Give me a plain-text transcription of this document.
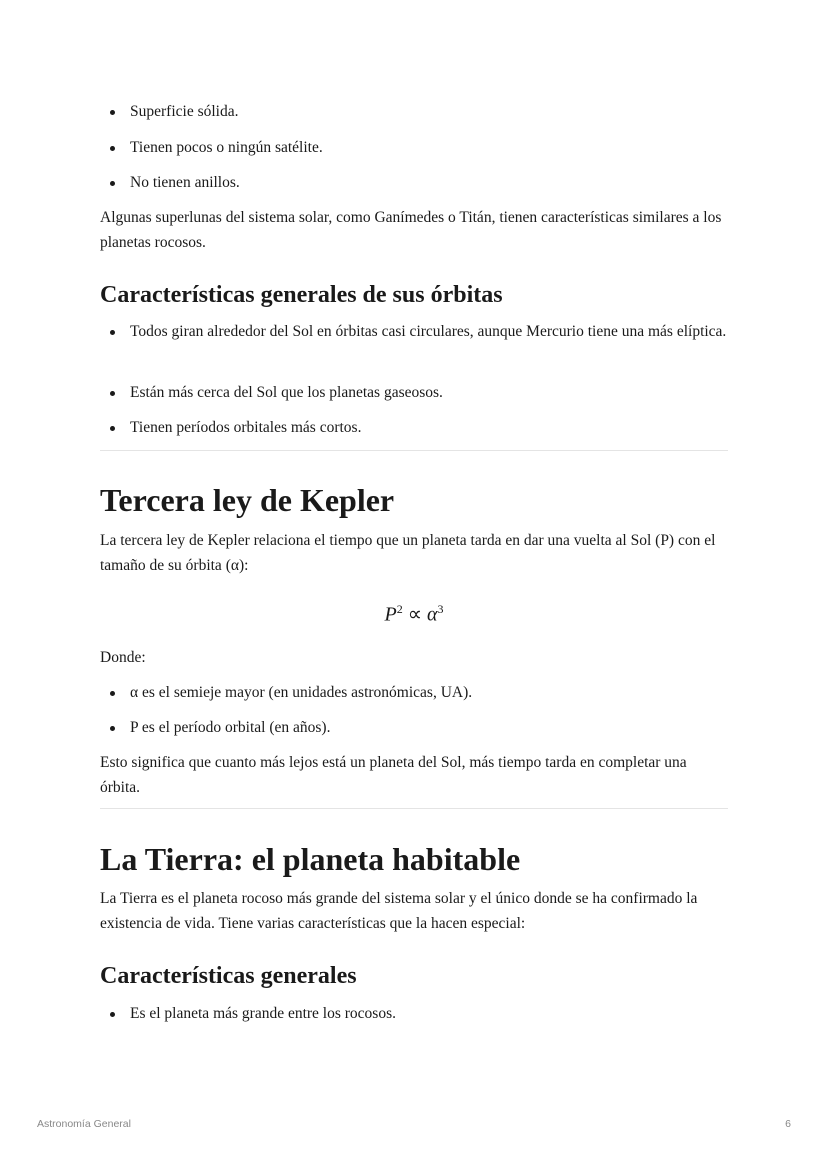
Superficie sólida.

Tienen pocos o ningún satélite.

No tienen anillos.

Algunas superlunas del sistema solar, como Ganímedes o Titán, tienen características similares a los planetas rocosos.

Características generales de sus órbitas

Todos giran alrededor del Sol en órbitas casi circulares, aunque Mercurio tiene una más elíptica.

Están más cerca del Sol que los planetas gaseosos.

Tienen períodos orbitales más cortos.

Tercera ley de Kepler

La tercera ley de Kepler relaciona el tiempo que un planeta tarda en dar una vuelta al Sol (P) con el tamaño de su órbita (α):

$P^2 \propto \alpha^3$

Donde:

α es el semieje mayor (en unidades astronómicas, UA).

P es el período orbital (en años).

Esto significa que cuanto más lejos está un planeta del Sol, más tiempo tarda en completar una órbita.

La Tierra: el planeta habitable

La Tierra es el planeta rocoso más grande del sistema solar y el único donde se ha confirmado la existencia de vida. Tiene varias características que la hacen especial:

Características generales

Es el planeta más grande entre los rocosos.

Astronomía General	6
